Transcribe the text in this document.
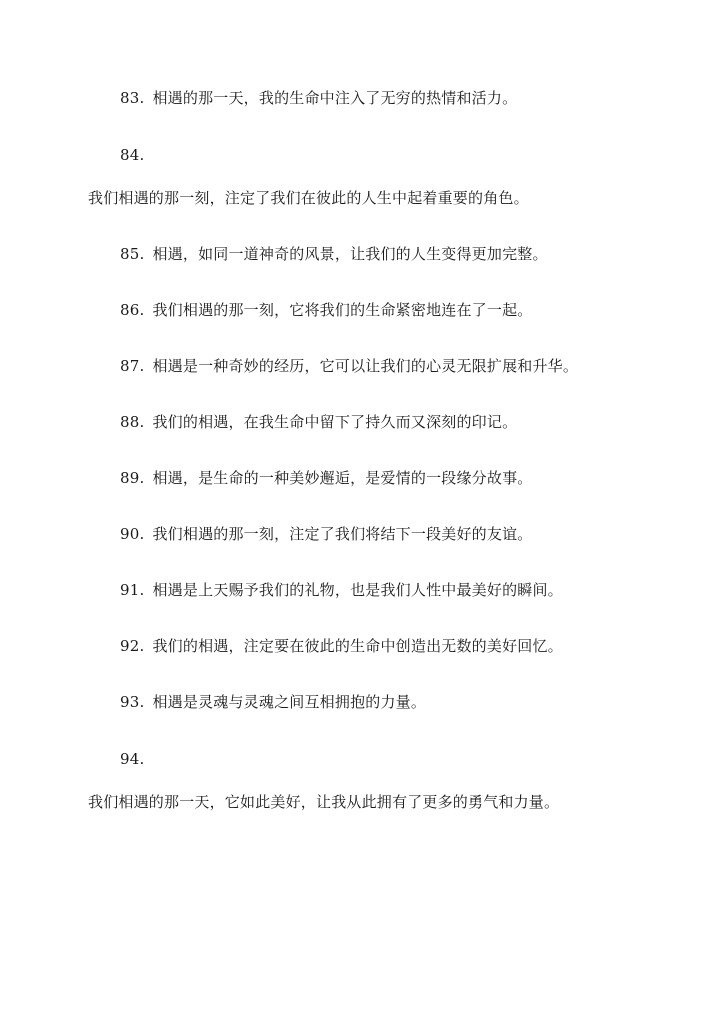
83. 相遇的那一天，我的生命中注入了无穷的热情和活力。
84.
我们相遇的那一刻，注定了我们在彼此的人生中起着重要的角色。
85. 相遇，如同一道神奇的风景，让我们的人生变得更加完整。
86. 我们相遇的那一刻，它将我们的生命紧密地连在了一起。
87. 相遇是一种奇妙的经历，它可以让我们的心灵无限扩展和升华。
88. 我们的相遇，在我生命中留下了持久而又深刻的印记。
89. 相遇，是生命的一种美妙邂逅，是爱情的一段缘分故事。
90. 我们相遇的那一刻，注定了我们将结下一段美好的友谊。
91. 相遇是上天赐予我们的礼物，也是我们人性中最美好的瞬间。
92. 我们的相遇，注定要在彼此的生命中创造出无数的美好回忆。
93. 相遇是灵魂与灵魂之间互相拥抱的力量。
94.
我们相遇的那一天，它如此美好，让我从此拥有了更多的勇气和力量。
